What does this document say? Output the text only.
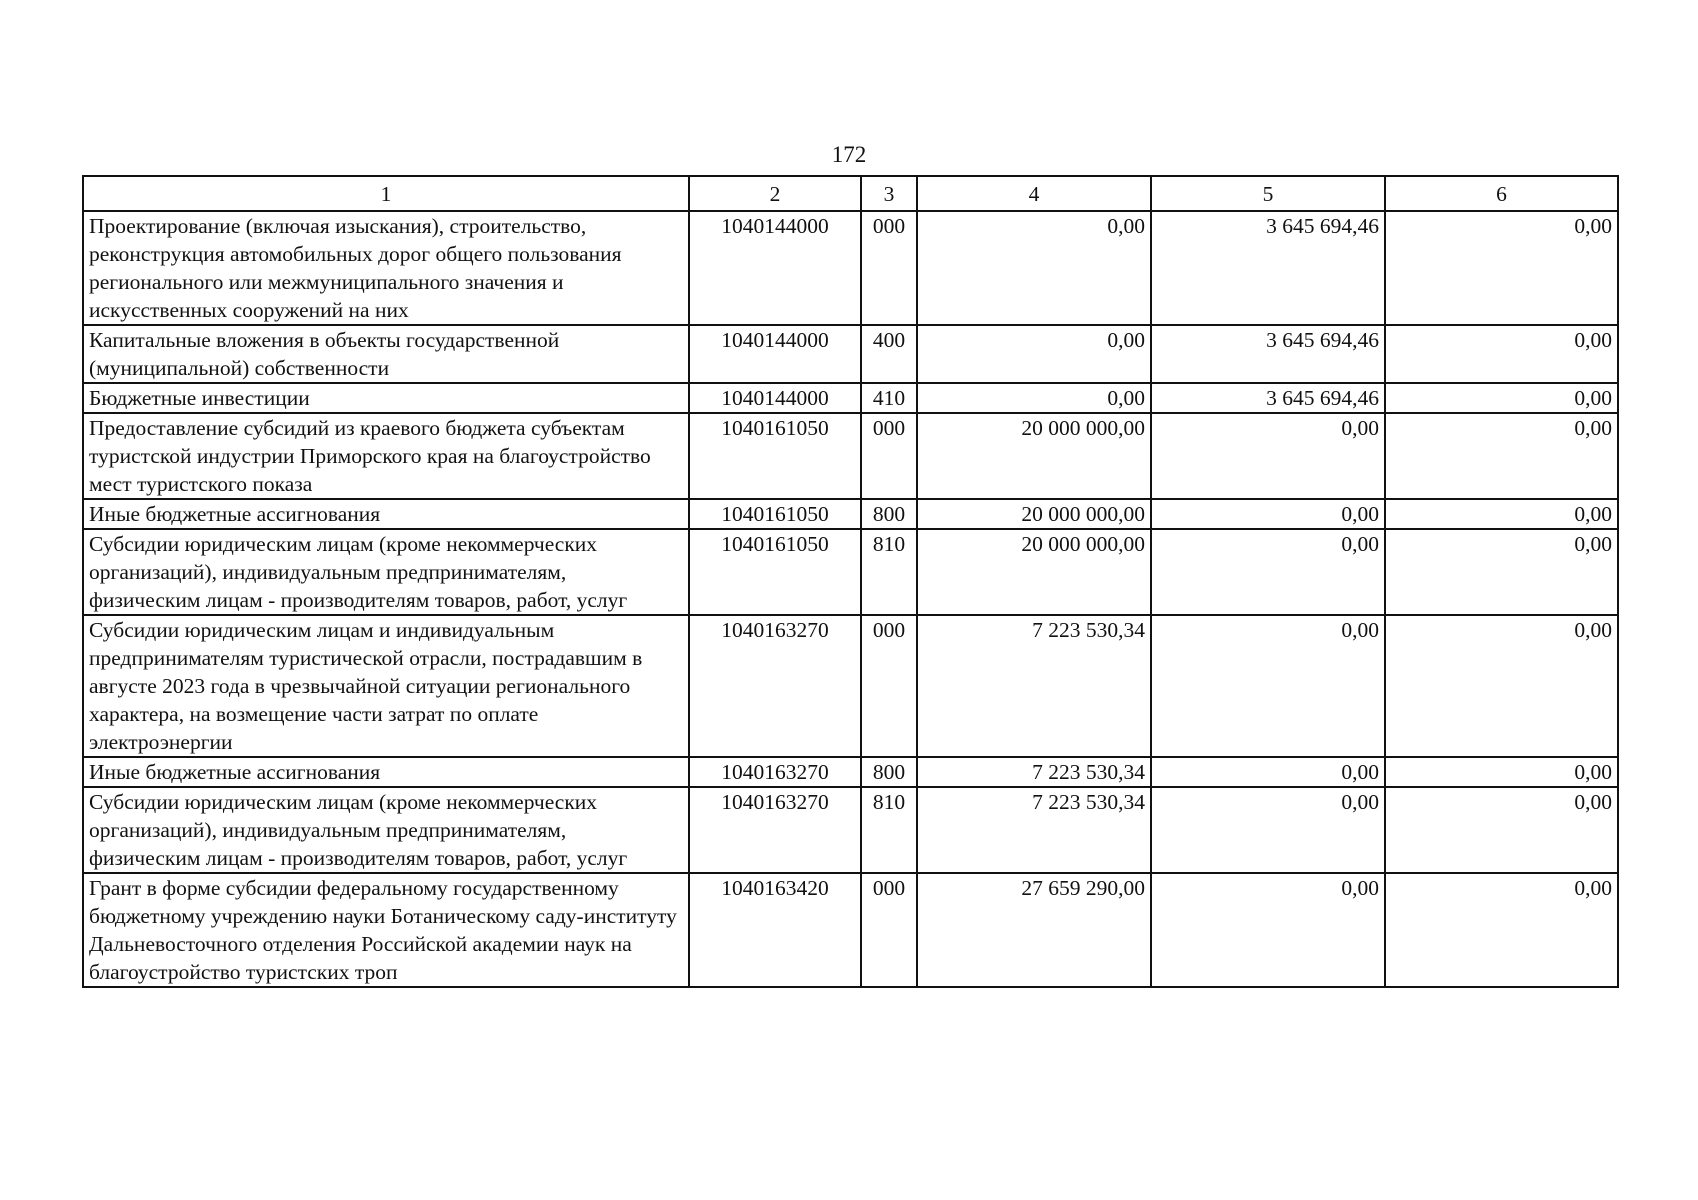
172
1	2	3	4	5	6
Проектирование (включая изыскания), строительство, реконструкция автомобильных дорог общего пользования регионального или межмуниципального значения и искусственных сооружений на них	1040144000	000	0,00	3 645 694,46	0,00
Капитальные вложения в объекты государственной (муниципальной) собственности	1040144000	400	0,00	3 645 694,46	0,00
Бюджетные инвестиции	1040144000	410	0,00	3 645 694,46	0,00
Предоставление субсидий из краевого бюджета субъектам туристской индустрии Приморского края на благоустройство мест туристского показа	1040161050	000	20 000 000,00	0,00	0,00
Иные бюджетные ассигнования	1040161050	800	20 000 000,00	0,00	0,00
Субсидии юридическим лицам (кроме некоммерческих организаций), индивидуальным предпринимателям, физическим лицам - производителям товаров, работ, услуг	1040161050	810	20 000 000,00	0,00	0,00
Субсидии юридическим лицам и индивидуальным предпринимателям туристической отрасли, пострадавшим в августе 2023 года в чрезвычайной ситуации регионального характера, на возмещение части затрат по оплате электроэнергии	1040163270	000	7 223 530,34	0,00	0,00
Иные бюджетные ассигнования	1040163270	800	7 223 530,34	0,00	0,00
Субсидии юридическим лицам (кроме некоммерческих организаций), индивидуальным предпринимателям, физическим лицам - производителям товаров, работ, услуг	1040163270	810	7 223 530,34	0,00	0,00
Грант в форме субсидии федеральному государственному бюджетному учреждению науки Ботаническому саду-институту Дальневосточного отделения Российской академии наук на благоустройство туристских троп	1040163420	000	27 659 290,00	0,00	0,00
